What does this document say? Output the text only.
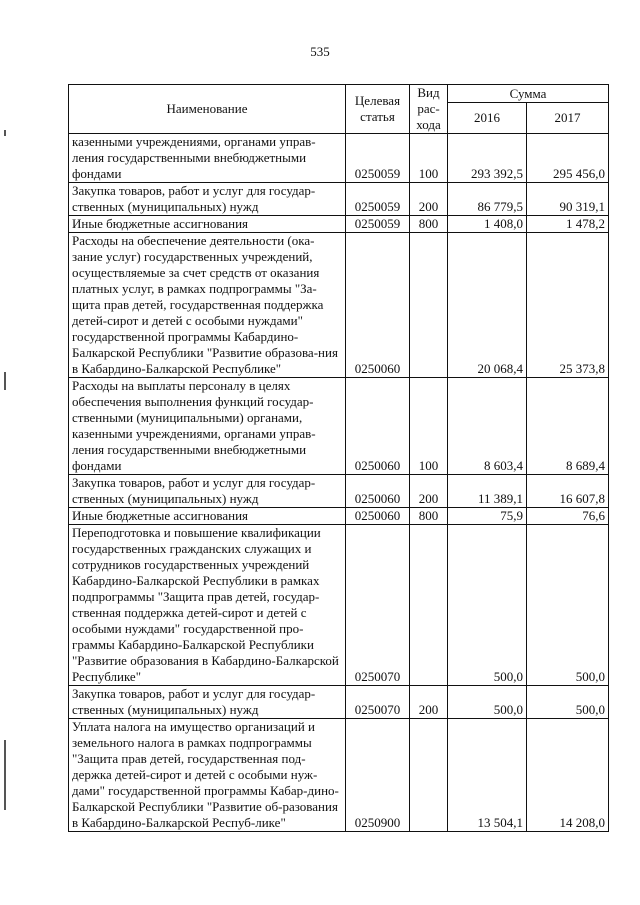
535
Наименование	Целевая статья	Вид рас-хода	Сумма	
			2016	2017
казенными учреждениями, органами управ-ления государственными внебюджетными фондами	0250059	100	293 392,5	295 456,0
Закупка товаров, работ и услуг для государ-ственных (муниципальных) нужд	0250059	200	86 779,5	90 319,1
Иные бюджетные ассигнования	0250059	800	1 408,0	1 478,2
Расходы на обеспечение деятельности (ока-зание услуг) государственных учреждений, осуществляемые за счет средств от оказания платных услуг, в рамках подпрограммы "За-щита прав детей, государственная поддержка детей-сирот и детей с особыми нуждами" государственной программы Кабардино-Балкарской Республики "Развитие образова-ния в Кабардино-Балкарской Республике"	0250060		20 068,4	25 373,8
Расходы на выплаты персоналу в целях обеспечения выполнения функций государ-ственными (муниципальными) органами, казенными учреждениями, органами управ-ления государственными внебюджетными фондами	0250060	100	8 603,4	8 689,4
Закупка товаров, работ и услуг для государ-ственных (муниципальных) нужд	0250060	200	11 389,1	16 607,8
Иные бюджетные ассигнования	0250060	800	75,9	76,6
Переподготовка и повышение квалификации государственных гражданских служащих и сотрудников государственных учреждений Кабардино-Балкарской Республики в рамках подпрограммы "Защита прав детей, государ-ственная поддержка детей-сирот и детей с особыми нуждами" государственной про-граммы Кабардино-Балкарской Республики "Развитие образования в Кабардино-Балкарской Республике"	0250070		500,0	500,0
Закупка товаров, работ и услуг для государ-ственных (муниципальных) нужд	0250070	200	500,0	500,0
Уплата налога на имущество организаций и земельного налога в рамках подпрограммы "Защита прав детей, государственная под-держка детей-сирот и детей с особыми нуж-дами" государственной программы Кабар-дино-Балкарской Республики "Развитие об-разования в Кабардино-Балкарской Респуб-лике"	0250900		13 504,1	14 208,0
